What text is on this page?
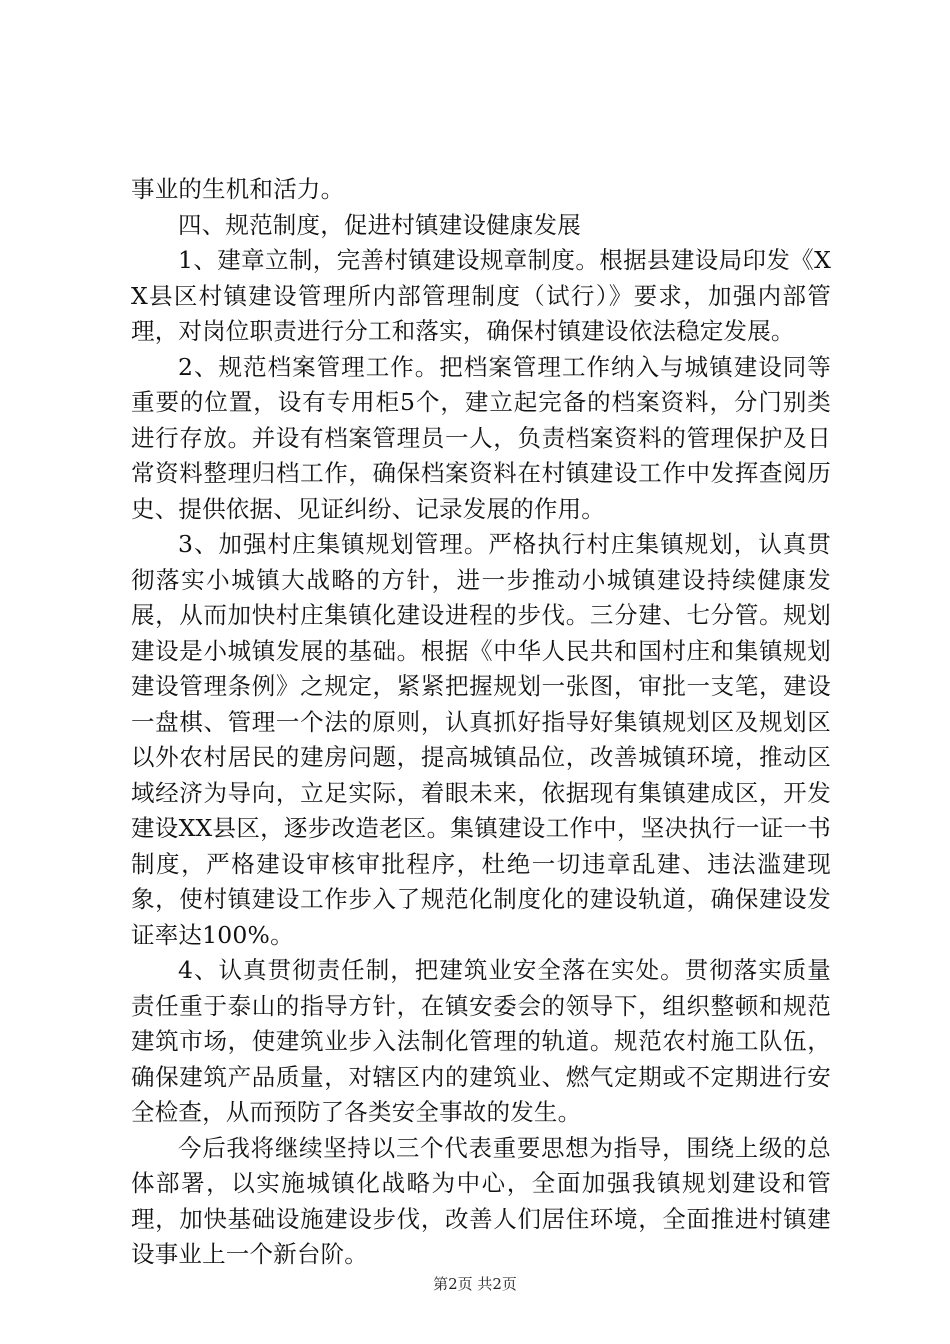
事业的生机和活力。

四、规范制度，促进村镇建设健康发展

1、建章立制，完善村镇建设规章制度。根据县建设局印发《XX县区村镇建设管理所内部管理制度（试行）》要求，加强内部管理，对岗位职责进行分工和落实，确保村镇建设依法稳定发展。

2、规范档案管理工作。把档案管理工作纳入与城镇建设同等重要的位置，设有专用柜5个，建立起完备的档案资料，分门别类进行存放。并设有档案管理员一人，负责档案资料的管理保护及日常资料整理归档工作，确保档案资料在村镇建设工作中发挥查阅历史、提供依据、见证纠纷、记录发展的作用。

3、加强村庄集镇规划管理。严格执行村庄集镇规划，认真贯彻落实小城镇大战略的方针，进一步推动小城镇建设持续健康发展，从而加快村庄集镇化建设进程的步伐。三分建、七分管。规划建设是小城镇发展的基础。根据《中华人民共和国村庄和集镇规划建设管理条例》之规定，紧紧把握规划一张图，审批一支笔，建设一盘棋、管理一个法的原则，认真抓好指导好集镇规划区及规划区以外农村居民的建房问题，提高城镇品位，改善城镇环境，推动区域经济为导向，立足实际，着眼未来，依据现有集镇建成区，开发建设XX县区，逐步改造老区。集镇建设工作中，坚决执行一证一书制度，严格建设审核审批程序，杜绝一切违章乱建、违法滥建现象，使村镇建设工作步入了规范化制度化的建设轨道，确保建设发证率达100%。

4、认真贯彻责任制，把建筑业安全落在实处。贯彻落实质量责任重于泰山的指导方针，在镇安委会的领导下，组织整顿和规范建筑市场，使建筑业步入法制化管理的轨道。规范农村施工队伍，确保建筑产品质量，对辖区内的建筑业、燃气定期或不定期进行安全检查，从而预防了各类安全事故的发生。

今后我将继续坚持以三个代表重要思想为指导，围绕上级的总体部署，以实施城镇化战略为中心，全面加强我镇规划建设和管理，加快基础设施建设步伐，改善人们居住环境，全面推进村镇建设事业上一个新台阶。

第2页 共2页
